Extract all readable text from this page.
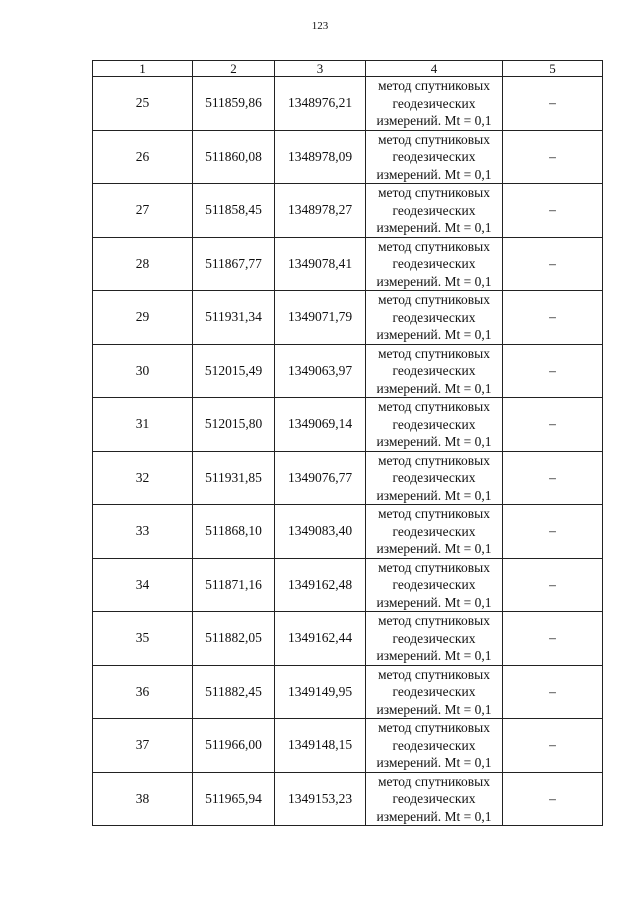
123
1	2	3	4	5
25	511859,86	1348976,21	метод спутниковых
геодезических
измерений. Mt = 0,1	–
26	511860,08	1348978,09	метод спутниковых
геодезических
измерений. Mt = 0,1	–
27	511858,45	1348978,27	метод спутниковых
геодезических
измерений. Mt = 0,1	–
28	511867,77	1349078,41	метод спутниковых
геодезических
измерений. Mt = 0,1	–
29	511931,34	1349071,79	метод спутниковых
геодезических
измерений. Mt = 0,1	–
30	512015,49	1349063,97	метод спутниковых
геодезических
измерений. Mt = 0,1	–
31	512015,80	1349069,14	метод спутниковых
геодезических
измерений. Mt = 0,1	–
32	511931,85	1349076,77	метод спутниковых
геодезических
измерений. Mt = 0,1	–
33	511868,10	1349083,40	метод спутниковых
геодезических
измерений. Mt = 0,1	–
34	511871,16	1349162,48	метод спутниковых
геодезических
измерений. Mt = 0,1	–
35	511882,05	1349162,44	метод спутниковых
геодезических
измерений. Mt = 0,1	–
36	511882,45	1349149,95	метод спутниковых
геодезических
измерений. Mt = 0,1	–
37	511966,00	1349148,15	метод спутниковых
геодезических
измерений. Mt = 0,1	–
38	511965,94	1349153,23	метод спутниковых
геодезических
измерений. Mt = 0,1	–
